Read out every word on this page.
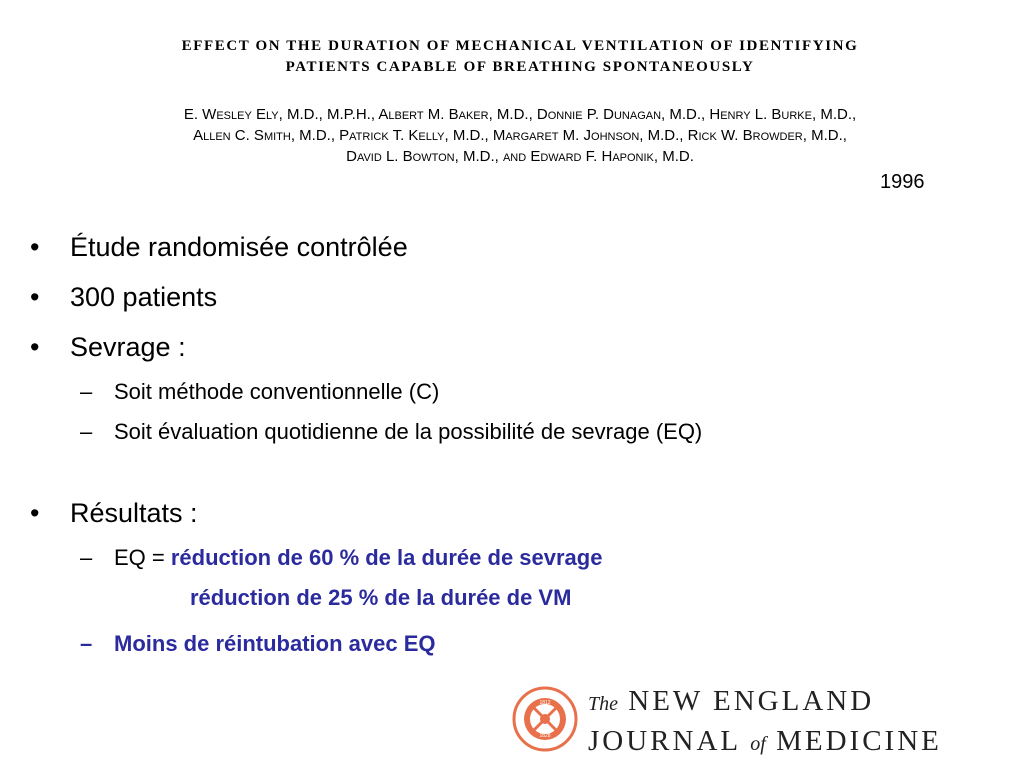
EFFECT ON THE DURATION OF MECHANICAL VENTILATION OF IDENTIFYING
PATIENTS CAPABLE OF BREATHING SPONTANEOUSLY
E. Wesley Ely, M.D., M.P.H., Albert M. Baker, M.D., Donnie P. Dunagan, M.D., Henry L. Burke, M.D.,
Allen C. Smith, M.D., Patrick T. Kelly, M.D., Margaret M. Johnson, M.D., Rick W. Browder, M.D.,
David L. Bowton, M.D., and Edward F. Haponik, M.D.
1996
• Étude randomisée contrôlée
• 300 patients
• Sevrage :
– Soit méthode conventionnelle (C)
– Soit évaluation quotidienne de la possibilité de sevrage (EQ)
• Résultats :
– EQ = réduction de 60 % de la durée de sevrage
réduction de 25 % de la durée de VM
– Moins de réintubation avec EQ
1812
1828
The NEW ENGLAND
JOURNAL of MEDICINE
